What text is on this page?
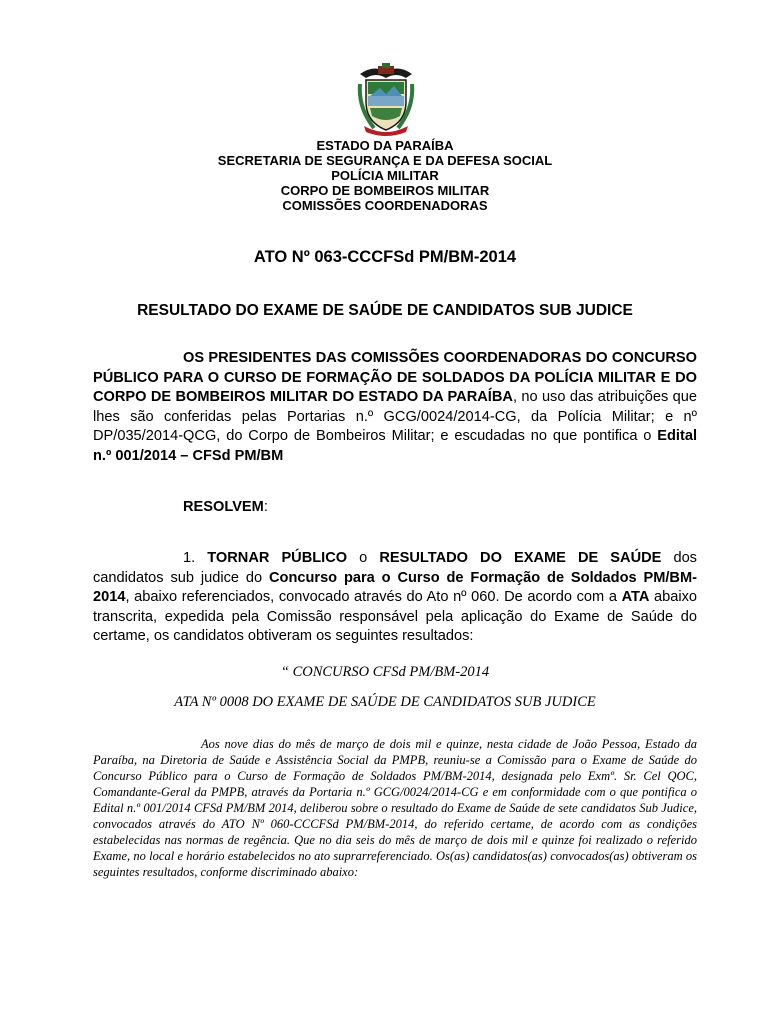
ESTADO DA PARAÍBA
SECRETARIA DE SEGURANÇA E DA DEFESA SOCIAL
POLÍCIA MILITAR
CORPO DE BOMBEIROS MILITAR
COMISSÕES COORDENADORAS
ATO Nº 063-CCCFSd PM/BM-2014
RESULTADO DO EXAME DE SAÚDE DE CANDIDATOS SUB JUDICE
OS PRESIDENTES DAS COMISSÕES COORDENADORAS DO CONCURSO PÚBLICO PARA O CURSO DE FORMAÇÃO DE SOLDADOS DA POLÍCIA MILITAR E DO CORPO DE BOMBEIROS MILITAR DO ESTADO DA PARAÍBA, no uso das atribuições que lhes são conferidas pelas Portarias n.º GCG/0024/2014-CG, da Polícia Militar; e nº DP/035/2014-QCG, do Corpo de Bombeiros Militar; e escudadas no que pontifica o Edital n.º 001/2014 – CFSd PM/BM
RESOLVEM:
1. TORNAR PÚBLICO o RESULTADO DO EXAME DE SAÚDE dos candidatos sub judice do Concurso para o Curso de Formação de Soldados PM/BM-2014, abaixo referenciados, convocado através do Ato nº 060. De acordo com a ATA abaixo transcrita, expedida pela Comissão responsável pela aplicação do Exame de Saúde do certame, os candidatos obtiveram os seguintes resultados:
“ CONCURSO CFSd PM/BM-2014
ATA Nº 0008 DO EXAME DE SAÚDE DE CANDIDATOS SUB JUDICE
Aos nove dias do mês de março de dois mil e quinze, nesta cidade de João Pessoa, Estado da Paraíba, na Diretoria de Saúde e Assistência Social da PMPB, reuniu-se a Comissão para o Exame de Saúde do Concurso Público para o Curso de Formação de Soldados PM/BM-2014, designada pelo Exmº. Sr. Cel QOC, Comandante-Geral da PMPB, através da Portaria n.º GCG/0024/2014-CG e em conformidade com o que pontifica o Edital n.º 001/2014 CFSd PM/BM 2014, deliberou sobre o resultado do Exame de Saúde de sete candidatos Sub Judice, convocados através do ATO Nº 060-CCCFSd PM/BM-2014, do referido certame, de acordo com as condições estabelecidas nas normas de regência. Que no dia seis do mês de março de dois mil e quinze foi realizado o referido Exame, no local e horário estabelecidos no ato suprarreferenciado. Os(as) candidatos(as) convocados(as) obtiveram os seguintes resultados, conforme discriminado abaixo:
